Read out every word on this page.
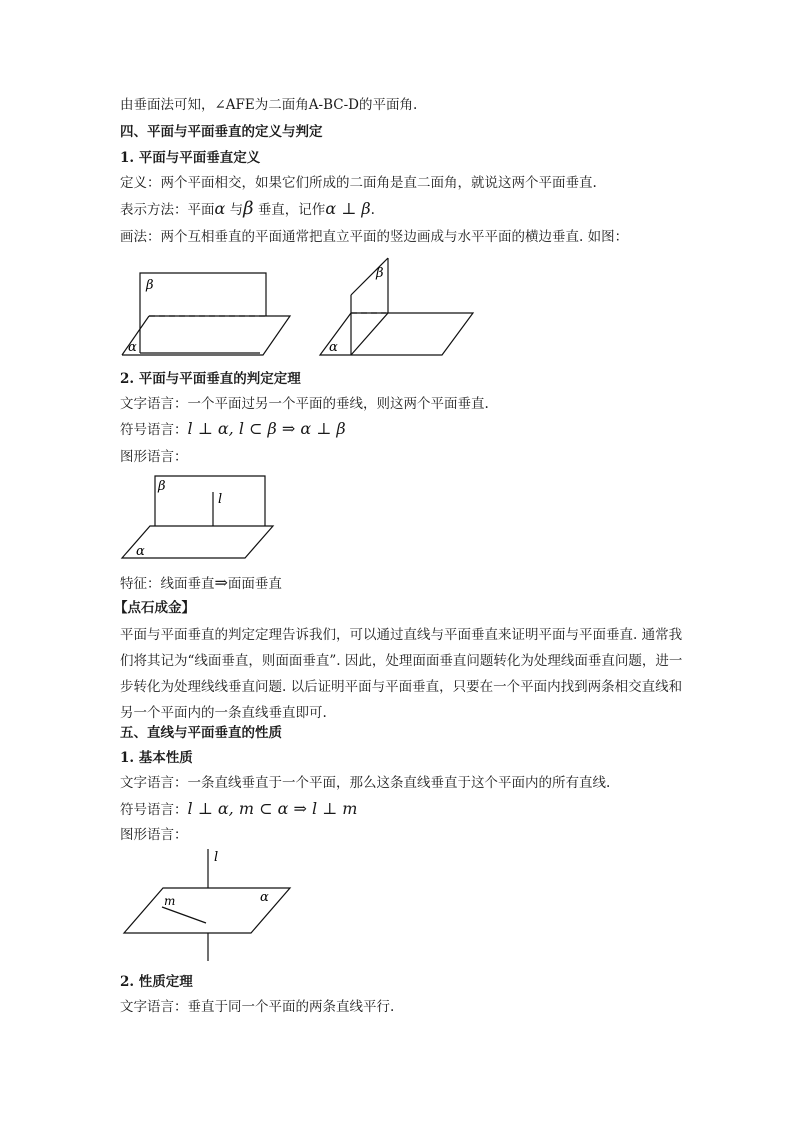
由垂面法可知，∠AFE为二面角A-BC-D的平面角.
四、平面与平面垂直的定义与判定
1. 平面与平面垂直定义
定义：两个平面相交，如果它们所成的二面角是直二面角，就说这两个平面垂直.
表示方法：平面α 与β 垂直，记作α ⊥ β.
画法：两个互相垂直的平面通常把直立平面的竖边画成与水平平面的横边垂直. 如图：
β
α
β
α
2. 平面与平面垂直的判定定理
文字语言：一个平面过另一个平面的垂线，则这两个平面垂直.
符号语言：l ⊥ α, l ⊂ β ⇒ α ⊥ β
图形语言：
β
l
α
特征：线面垂直⇒面面垂直
【点石成金】
平面与平面垂直的判定定理告诉我们，可以通过直线与平面垂直来证明平面与平面垂直. 通常我们将其记为“线面垂直，则面面垂直”. 因此，处理面面垂直问题转化为处理线面垂直问题，进一步转化为处理线线垂直问题. 以后证明平面与平面垂直，只要在一个平面内找到两条相交直线和另一个平面内的一条直线垂直即可.
五、直线与平面垂直的性质
1. 基本性质
文字语言：一条直线垂直于一个平面，那么这条直线垂直于这个平面内的所有直线.
符号语言：l ⊥ α, m ⊂ α ⇒ l ⊥ m
图形语言：
l
m	α
2. 性质定理
文字语言：垂直于同一个平面的两条直线平行.
